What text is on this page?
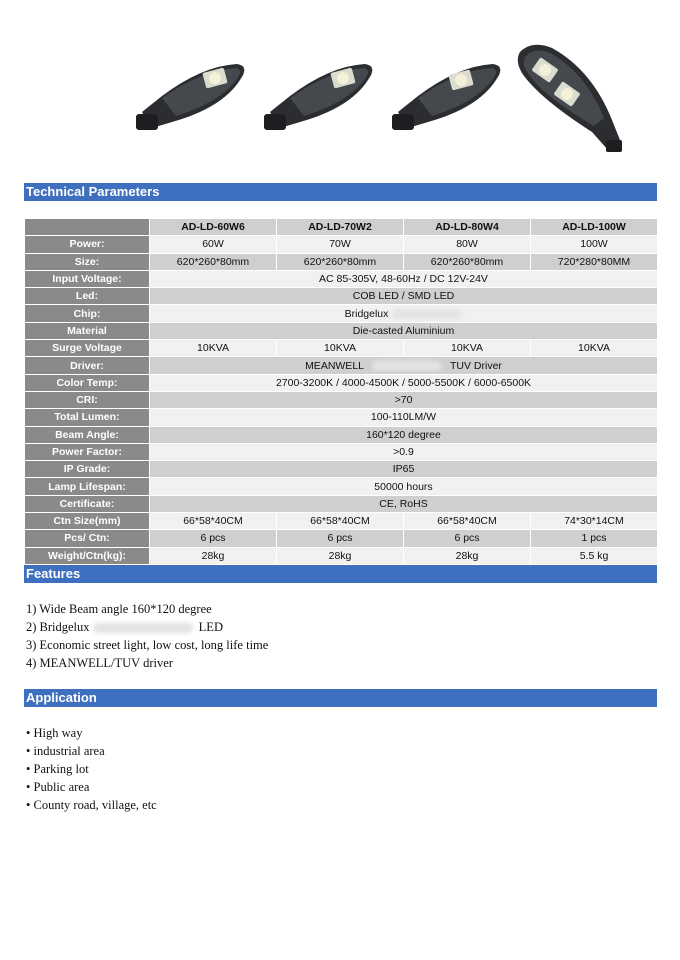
Technical Parameters
	AD-LD-60W6	AD-LD-70W2	AD-LD-80W4	AD-LD-100W
Power:	60W	70W	80W	100W
Size:	620*260*80mm	620*260*80mm	620*260*80mm	720*280*80MM
Input Voltage:	AC 85-305V, 48-60Hz / DC 12V-24V			
Led:	COB LED / SMD LED			
Chip:	Bridgelux			
Material	Die-casted Aluminium			
Surge Voltage	10KVA	10KVA	10KVA	10KVA
Driver:	MEANWELL TUV Driver			
Color Temp:	2700-3200K / 4000-4500K / 5000-5500K / 6000-6500K			
CRI:	>70			
Total Lumen:	100-110LM/W			
Beam Angle:	160*120 degree			
Power Factor:	>0.9			
IP Grade:	IP65			
Lamp Lifespan:	50000 hours			
Certificate:	CE, RoHS			
Ctn Size(mm)	66*58*40CM	66*58*40CM	66*58*40CM	74*30*14CM
Pcs/ Ctn:	6 pcs	6 pcs	6 pcs	1 pcs
Weight/Ctn(kg):	28kg	28kg	28kg	5.5 kg
Features
1) Wide Beam angle 160*120 degree
2) Bridgelux	LED
3) Economic street light, low cost, long life time
4) MEANWELL/TUV driver
Application
• High way
• industrial area
• Parking lot
• Public area
• County road, village, etc
